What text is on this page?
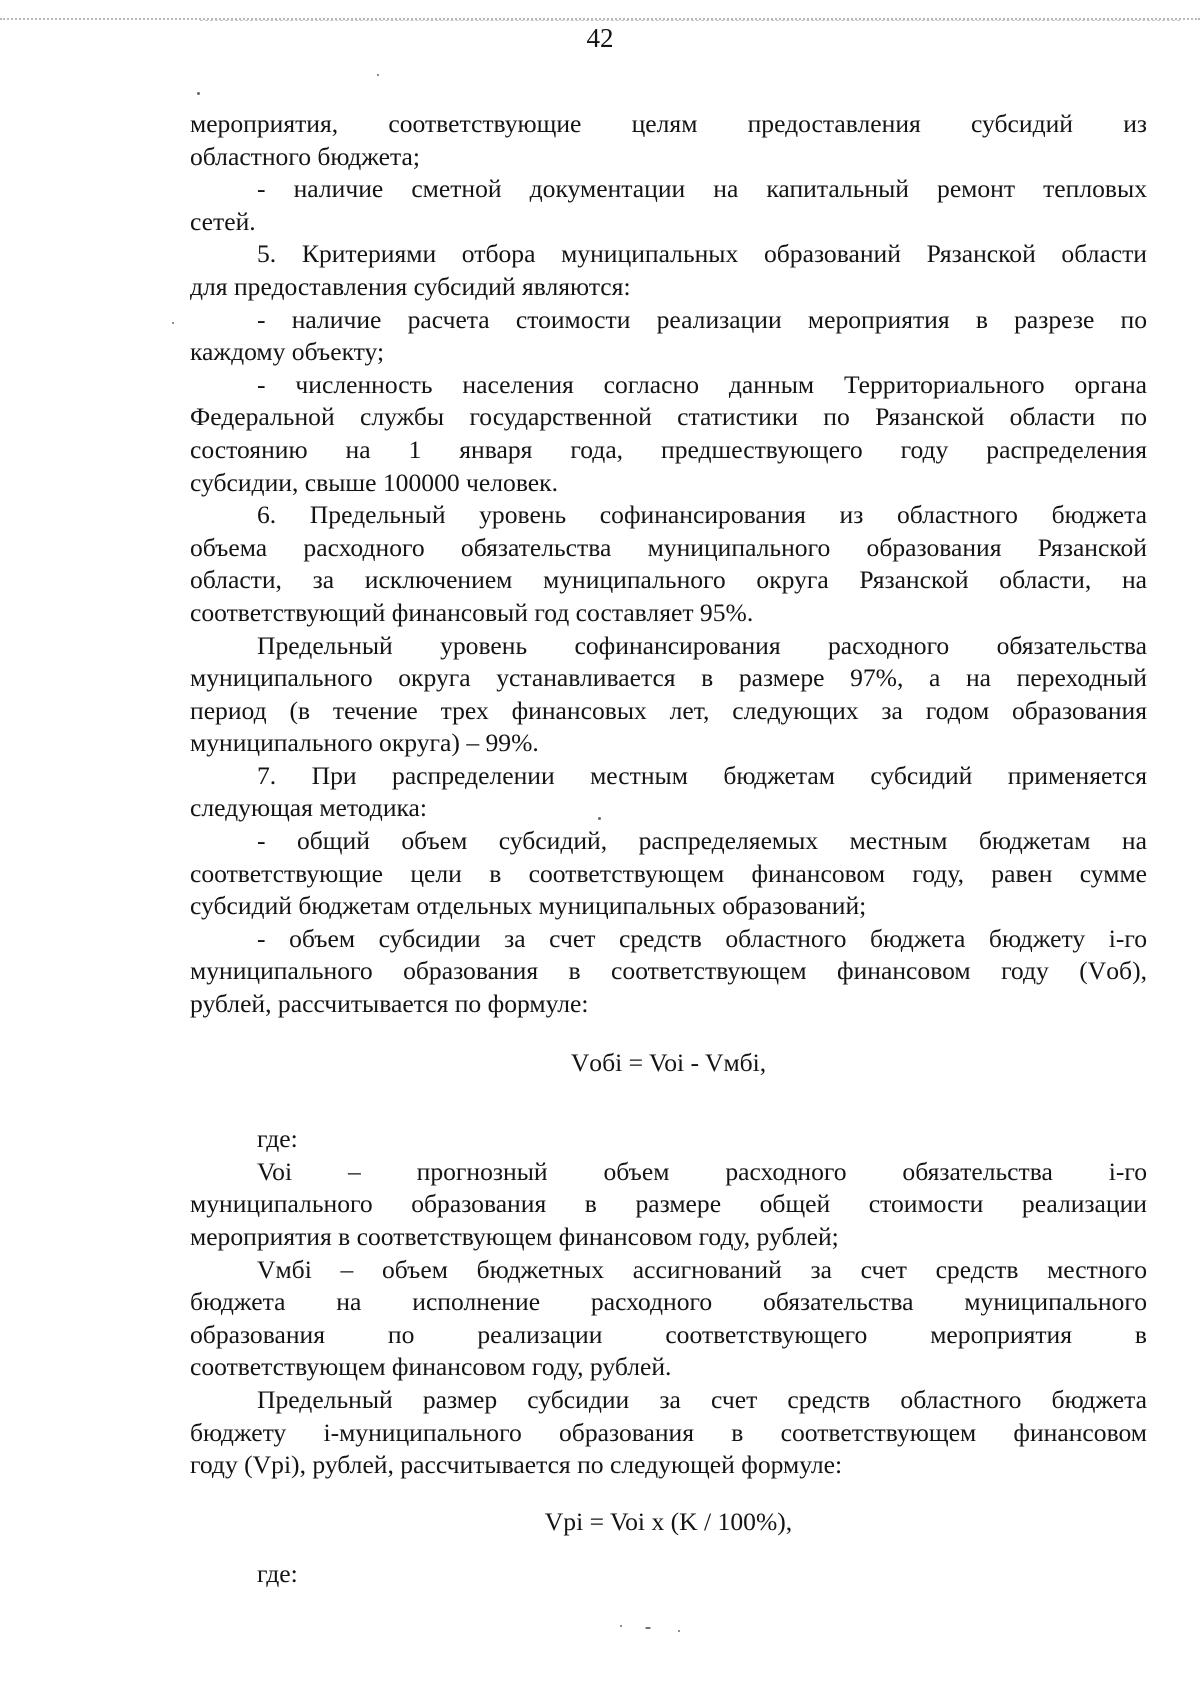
42
мероприятия, соответствующие целям предоставления субсидий из
областного бюджета;
- наличие сметной документации на капитальный ремонт тепловых
сетей.
5. Критериями отбора муниципальных образований Рязанской области
для предоставления субсидий являются:
- наличие расчета стоимости реализации мероприятия в разрезе по
каждому объекту;
- численность населения согласно данным Территориального органа
Федеральной службы государственной статистики по Рязанской области по
состоянию на 1 января года, предшествующего году распределения
субсидии, свыше 100000 человек.
6. Предельный уровень софинансирования из областного бюджета
объема расходного обязательства муниципального образования Рязанской
области, за исключением муниципального округа Рязанской области, на
соответствующий финансовый год составляет 95%.
Предельный уровень софинансирования расходного обязательства
муниципального округа устанавливается в размере 97%, а на переходный
период (в течение трех финансовых лет, следующих за годом образования
муниципального округа) – 99%.
7. При распределении местным бюджетам субсидий применяется
следующая методика:
- общий объем субсидий, распределяемых местным бюджетам на
соответствующие цели в соответствующем финансовом году, равен сумме
субсидий бюджетам отдельных муниципальных образований;
- объем субсидии за счет средств областного бюджета бюджету i-го
муниципального образования в соответствующем финансовом году (Vоб),
рублей, рассчитывается по формуле:
Vобi = Voi - Vмбi,
где:
Voi – прогнозный объем расходного обязательства i-го
муниципального образования в размере общей стоимости реализации
мероприятия в соответствующем финансовом году, рублей;
Vмбi – объем бюджетных ассигнований за счет средств местного
бюджета на исполнение расходного обязательства муниципального
образования по реализации соответствующего мероприятия в
соответствующем финансовом году, рублей.
Предельный размер субсидии за счет средств областного бюджета
бюджету i-муниципального образования в соответствующем финансовом
году (Vpi), рублей, рассчитывается по следующей формуле:
Vpi = Voi x (K / 100%),
где:
